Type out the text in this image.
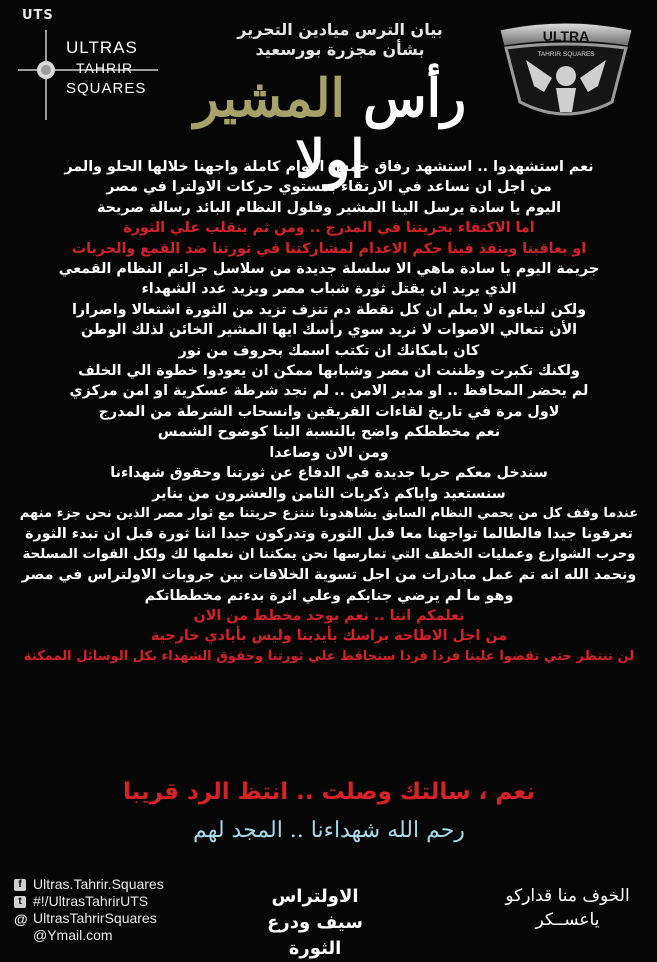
UTS
ULTRAS
TAHRIR
SQUARES
ULTRA
TAHRIR SQUARES
بيان الترس ميادين التحرير
بشأن مجزرة بورسعيد
رأس المشير اولا
نعم استشهدوا .. استشهد رفاق خمس اعوام كاملة واجهنا خلالها الحلو والمر
من اجل ان نساعد في الارتقاء بمستوي حركات الاولترا في مصر
اليوم يا سادة يرسل الينا المشير وفلول النظام البائد رسالة صريحة
اما الاكتفاء بحريتنا في المدرج .. ومن ثم ينقلب علي الثورة
او يعاقبنا وينفذ فينا حكم الاعدام لمشاركتنا في ثورتنا ضد القمع والحريات
جريمة اليوم يا سادة ماهي الا سلسلة جديدة من سلاسل جرائم النظام القمعي
الذي يريد ان يقتل ثورة شباب مصر ويزيد عدد الشهداء
ولكن لنباءوة لا يعلم ان كل نقطة دم تنزف تزيد من الثورة اشتعالا واصرارا
الأن تتعالي الاصوات لا نريد سوي رأسك ايها المشير الخائن لذلك الوطن
كان بامكانك ان تكتب اسمك بحروف من نور
ولكنك تكبرت وظننت ان مصر وشبابها ممكن ان يعودوا خطوة الي الخلف
لم يحضر المحافظ .. او مدير الامن .. لم نجد شرطة عسكرية او امن مركزي
لاول مرة في تاريخ لقاءات الفريقين وانسحاب الشرطة من المدرج
نعم مخططكم واضح بالنسبة الينا كوضوح الشمس
ومن الان وصاعدا
سندخل معكم حربا جديدة في الدفاع عن ثورتنا وحقوق شهداءنا
سنستعيد واياكم ذكريات الثامن والعشرون من يناير
عندما وقف كل من يحمي النظام السابق يشاهدونا ننتزع حريتنا مع ثوار مصر الذين نحن جزء منهم
تعرفونا جيدا فالطالما تواجهنا معا قبل الثورة وتدركون جيدا اننا ثورة قبل ان تبدء الثورة
وحرب الشوارع وعمليات الخطف التي تمارسها نحن يمكننا ان نعلمها لك ولكل القوات المسلحة
ونحمد الله انه تم عمل مبادرات من اجل تسوية الخلافات بين جروبات الاولتراس في مصر
وهو ما لم يرضي جنابكم وعلي اثرة بدءتم مخططاتكم
نعلمكم اننا .. نعم يوجد مخطط من الان
من اجل الاطاحة براسك بأيدينا وليس بأيادي خارجية
لن ننتظر حتي تقضوا علينا فردا فردا سنحافظ علي ثورتنا وحقوق الشهداء بكل الوسائل الممكنة
نعم ، سالتك وصلت .. انتظ الرد قريبا
رحم الله شهداءنا .. المجد لهم
f Ultras.Tahrir.Squares
t #!/UltrasTahrirUTS
@ UltrasTahrirSquares
@Ymail.com
الاولتراس
سيف ودرع الثورة
الخوف منا قداركو
ياعســكر
